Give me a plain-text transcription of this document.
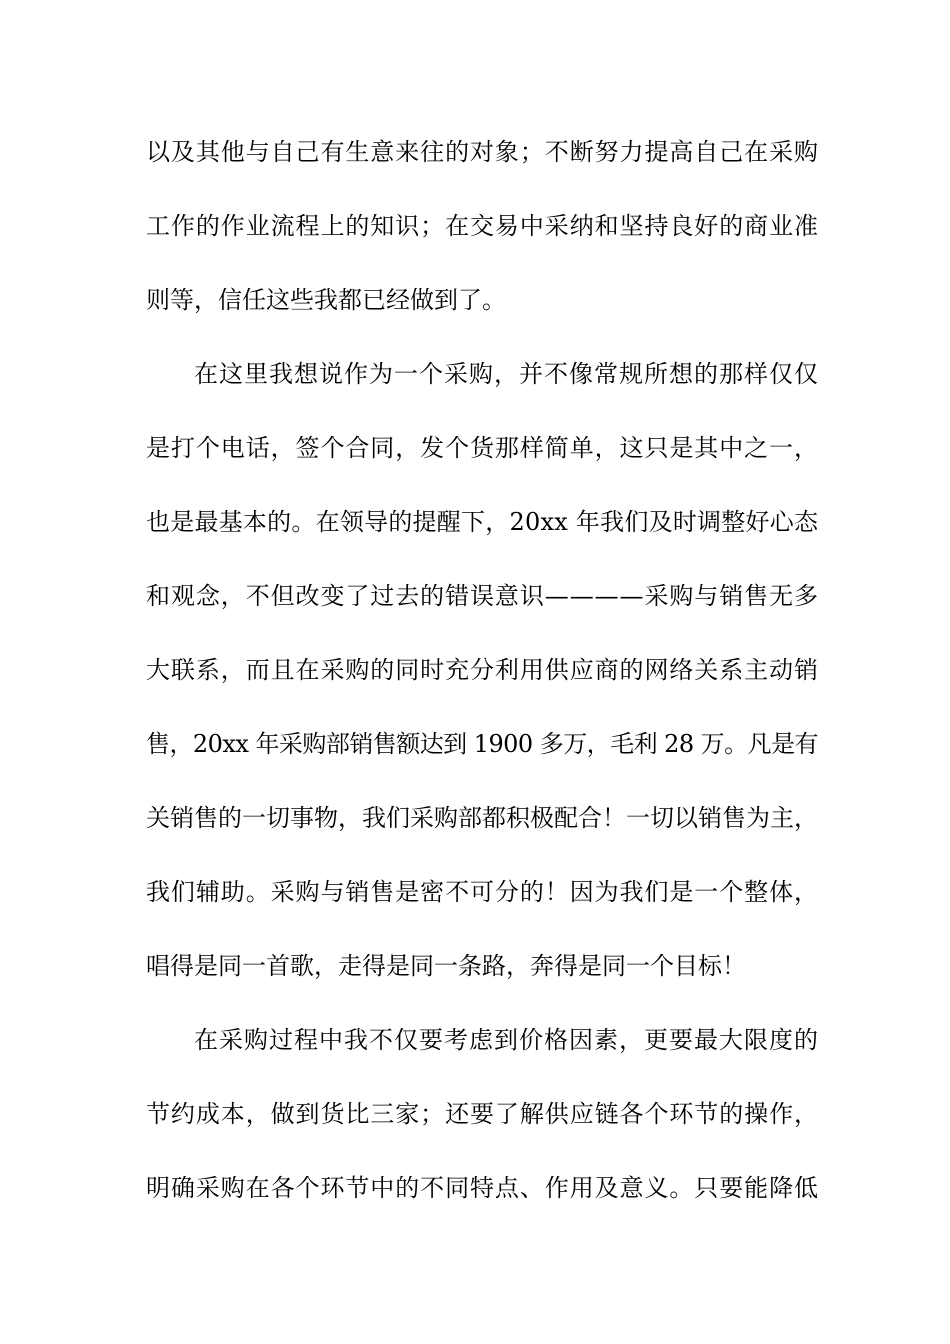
以及其他与自己有生意来往的对象；不断努力提高自己在采购
工作的作业流程上的知识；在交易中采纳和坚持良好的商业准
则等，信任这些我都已经做到了。
在这里我想说作为一个采购，并不像常规所想的那样仅仅
是打个电话，签个合同，发个货那样简单，这只是其中之一，
也是最基本的。在领导的提醒下，20xx 年我们及时调整好心态
和观念，不但改变了过去的错误意识————采购与销售无多
大联系，而且在采购的同时充分利用供应商的网络关系主动销
售，20xx 年采购部销售额达到 1900 多万，毛利 28 万。凡是有
关销售的一切事物，我们采购部都积极配合！一切以销售为主，
我们辅助。采购与销售是密不可分的！因为我们是一个整体，
唱得是同一首歌，走得是同一条路，奔得是同一个目标！
在采购过程中我不仅要考虑到价格因素，更要最大限度的
节约成本，做到货比三家；还要了解供应链各个环节的操作，
明确采购在各个环节中的不同特点、作用及意义。只要能降低
